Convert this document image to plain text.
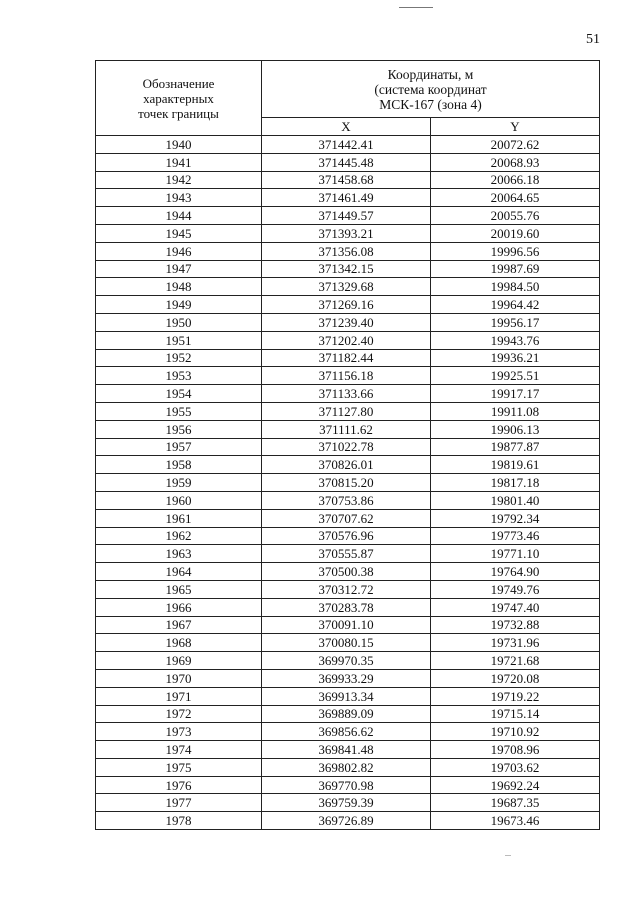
51
Обозначение
характерных
точек границы	Координаты, м
(система координат
МСК-167 (зона 4)	

	X	Y
1940	371442.41	20072.62
1941	371445.48	20068.93
1942	371458.68	20066.18
1943	371461.49	20064.65
1944	371449.57	20055.76
1945	371393.21	20019.60
1946	371356.08	19996.56
1947	371342.15	19987.69
1948	371329.68	19984.50
1949	371269.16	19964.42
1950	371239.40	19956.17
1951	371202.40	19943.76
1952	371182.44	19936.21
1953	371156.18	19925.51
1954	371133.66	19917.17
1955	371127.80	19911.08
1956	371111.62	19906.13
1957	371022.78	19877.87
1958	370826.01	19819.61
1959	370815.20	19817.18
1960	370753.86	19801.40
1961	370707.62	19792.34
1962	370576.96	19773.46
1963	370555.87	19771.10
1964	370500.38	19764.90
1965	370312.72	19749.76
1966	370283.78	19747.40
1967	370091.10	19732.88
1968	370080.15	19731.96
1969	369970.35	19721.68
1970	369933.29	19720.08
1971	369913.34	19719.22
1972	369889.09	19715.14
1973	369856.62	19710.92
1974	369841.48	19708.96
1975	369802.82	19703.62
1976	369770.98	19692.24
1977	369759.39	19687.35
1978	369726.89	19673.46
